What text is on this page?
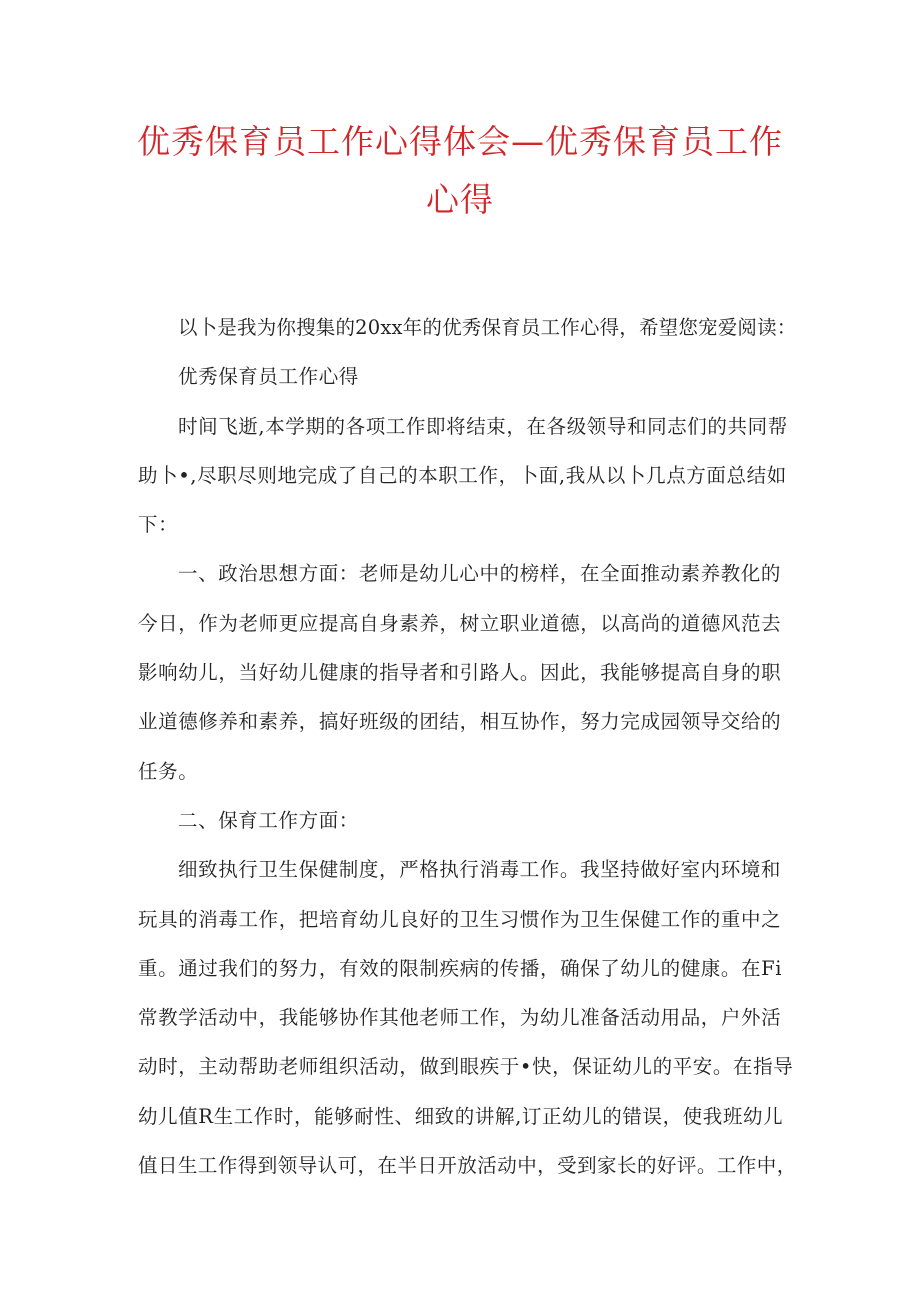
优秀保育员工作心得体会—优秀保育员工作
心得
以卜是我为你搜集的20xx年的优秀保育员工作心得，希望您宠爱阅读：
优秀保育员工作心得
时间飞逝,本学期的各项工作即将结束，在各级领导和同志们的共同帮
助卜•,尽职尽则地完成了自己的本职工作，卜面,我从以卜几点方面总结如
下：
一、政治思想方面：老师是幼儿心中的榜样，在全面推动素养教化的
今日，作为老师更应提高自身素养，树立职业道德，以高尚的道德风范去
影响幼儿，当好幼儿健康的指导者和引路人。因此，我能够提高自身的职
业道德修养和素养，搞好班级的团结，相互协作，努力完成园领导交给的
任务。
二、保育工作方面：
细致执行卫生保健制度，严格执行消毒工作。我坚持做好室内环境和
玩具的消毒工作，把培育幼儿良好的卫生习惯作为卫生保健工作的重中之
重。通过我们的努力，有效的限制疾病的传播，确保了幼儿的健康。在Fi
常教学活动中，我能够协作其他老师工作，为幼儿准备活动用品，户外活
动时，主动帮助老师组织活动，做到眼疾于•快，保证幼儿的平安。在指导
幼儿值R生工作时，能够耐性、细致的讲解,订正幼儿的错误，使我班幼儿
值日生工作得到领导认可，在半日开放活动中，受到家长的好评。工作中，
